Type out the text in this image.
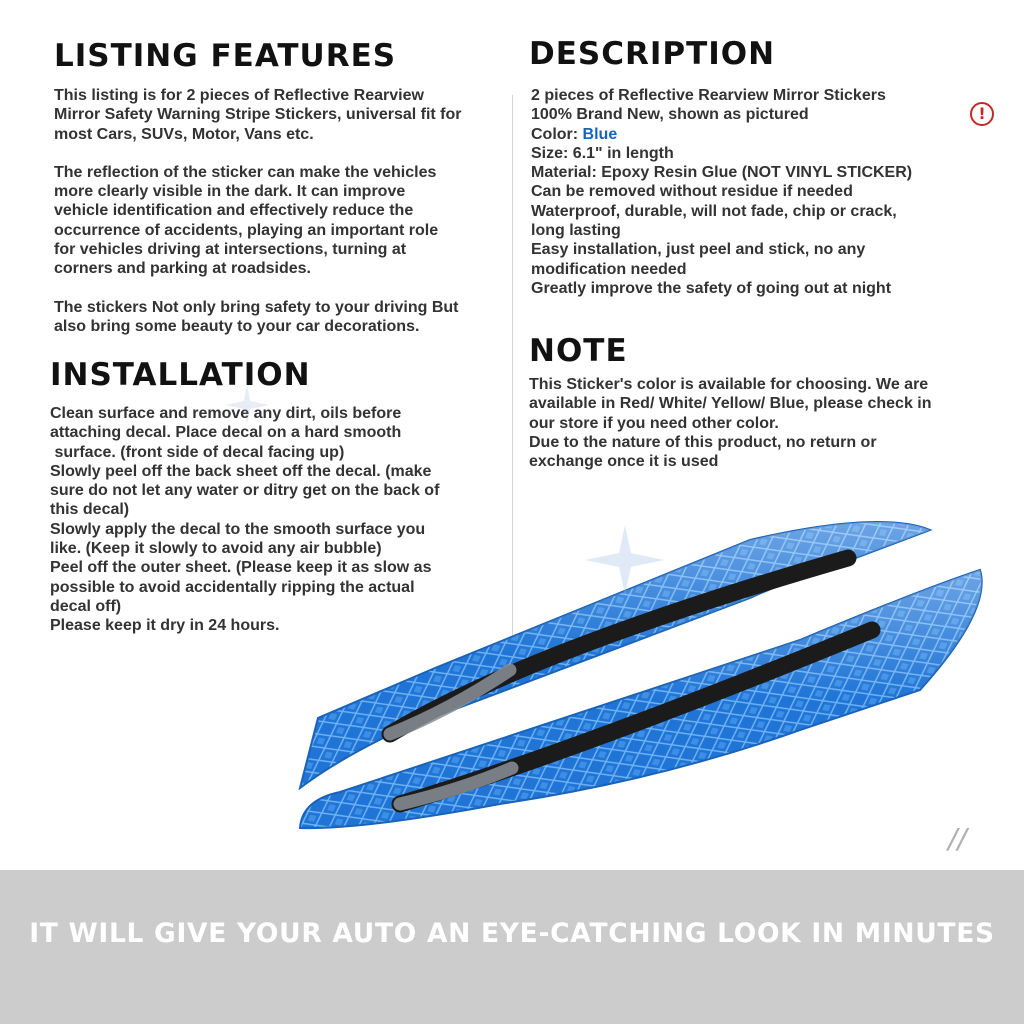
LISTING FEATURES
This listing is for 2 pieces of Reflective Rearview
Mirror Safety Warning Stripe Stickers, universal fit for
most Cars, SUVs, Motor, Vans etc.
The reflection of the sticker can make the vehicles
more clearly visible in the dark. It can improve
vehicle identification and effectively reduce the
occurrence of accidents, playing an important role
for vehicles driving at intersections, turning at
corners and parking at roadsides.
The stickers Not only bring safety to your driving But
also bring some beauty to your car decorations.
INSTALLATION
Clean surface and remove any dirt, oils before
attaching decal. Place decal on a hard smooth
surface. (front side of decal facing up)
Slowly peel off the back sheet off the decal. (make
sure do not let any water or ditry get on the back of
this decal)
Slowly apply the decal to the smooth surface you
like. (Keep it slowly to avoid any air bubble)
Peel off the outer sheet. (Please keep it as slow as
possible to avoid accidentally ripping the actual
decal off)
Please keep it dry in 24 hours.
DESCRIPTION
2 pieces of Reflective Rearview Mirror Stickers
100% Brand New, shown as pictured
Color: Blue
Size: 6.1" in length
Material: Epoxy Resin Glue (NOT VINYL STICKER)
Can be removed without residue if needed
Waterproof, durable, will not fade, chip or crack,
long lasting
Easy installation, just peel and stick, no any
modification needed
Greatly improve the safety of going out at night
!
NOTE
This Sticker's color is available for choosing. We are
available in Red/ White/ Yellow/ Blue, please check in
our store if you need other color.
Due to the nature of this product, no return or
exchange once it is used
//
IT WILL GIVE YOUR AUTO AN EYE-CATCHING LOOK IN MINUTES
